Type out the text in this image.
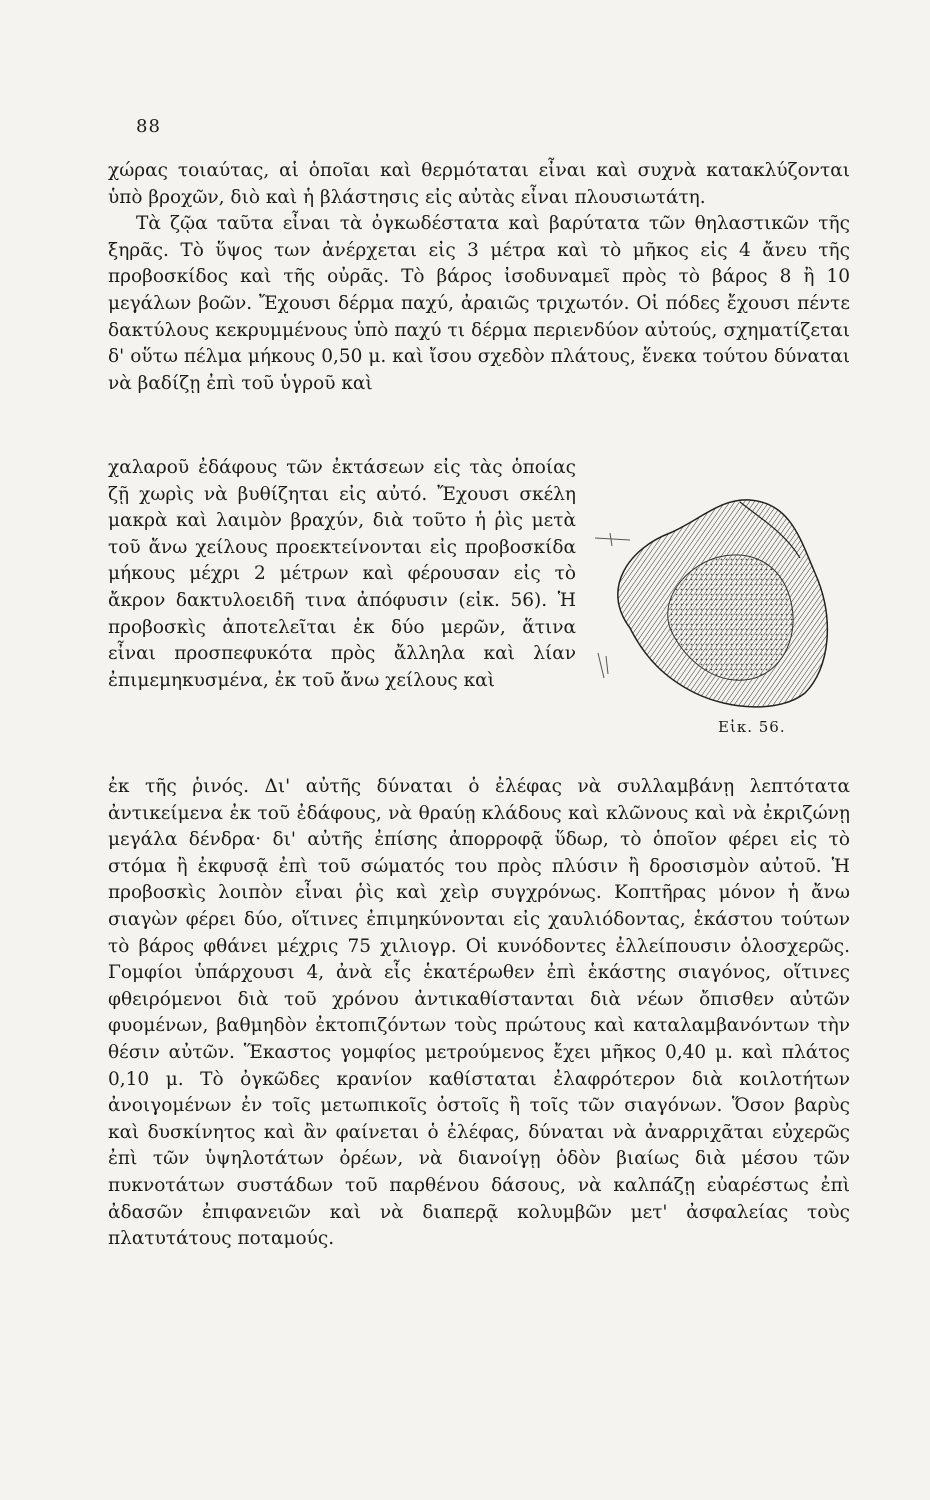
88

χώρας τοιαύτας, αἱ ὁποῖαι καὶ θερμόταται εἶναι καὶ συχνὰ κατακλύζονται ὑπὸ βροχῶν, διὸ καὶ ἡ βλάστησις εἰς αὐτὰς εἶναι πλουσιωτάτη.

Τὰ ζῷα ταῦτα εἶναι τὰ ὀγκωδέστατα καὶ βαρύτατα τῶν θηλαστικῶν τῆς ξηρᾶς. Τὸ ὕψος των ἀνέρχεται εἰς 3 μέτρα καὶ τὸ μῆκος εἰς 4 ἄνευ τῆς προβοσκίδος καὶ τῆς οὐρᾶς. Τὸ βάρος ἰσοδυναμεῖ πρὸς τὸ βάρος 8 ἢ 10 μεγάλων βοῶν. Ἔχουσι δέρμα παχύ, ἀραιῶς τριχωτόν. Οἱ πόδες ἔχουσι πέντε δακτύλους κεκρυμμένους ὑπὸ παχύ τι δέρμα περιενδύον αὐτούς, σχηματίζεται δ' οὕτω πέλμα μήκους 0,50 μ. καὶ ἴσου σχεδὸν πλάτους, ἕνεκα τούτου δύναται νὰ βαδίζῃ ἐπὶ τοῦ ὑγροῦ καὶ

χαλαροῦ ἐδάφους τῶν ἐκτάσεων εἰς τὰς ὁποίας ζῇ χωρὶς νὰ βυθίζηται εἰς αὐτό. Ἔχουσι σκέλη μακρὰ καὶ λαιμὸν βραχύν, διὰ τοῦτο ἡ ῥὶς μετὰ τοῦ ἄνω χείλους προεκτείνονται εἰς προβοσκίδα μήκους μέχρι 2 μέτρων καὶ φέρουσαν εἰς τὸ ἄκρον δακτυλοειδῆ τινα ἀπόφυσιν (εἰκ. 56). Ἡ προβοσκὶς ἀποτελεῖται ἐκ δύο μερῶν, ἅτινα εἶναι προσπεφυκότα πρὸς ἄλληλα καὶ λίαν ἐπιμεμηκυσμένα, ἐκ τοῦ ἄνω χείλους καὶ

Εἰκ. 56.

ἐκ τῆς ῥινός. Δι' αὐτῆς δύναται ὁ ἐλέφας νὰ συλλαμβάνῃ λεπτότατα ἀντικείμενα ἐκ τοῦ ἐδάφους, νὰ θραύῃ κλάδους καὶ κλῶνους καὶ νὰ ἐκριζώνῃ μεγάλα δένδρα· δι' αὐτῆς ἐπίσης ἀπορροφᾷ ὕδωρ, τὸ ὁποῖον φέρει εἰς τὸ στόμα ἢ ἐκφυσᾷ ἐπὶ τοῦ σώματός του πρὸς πλύσιν ἢ δροσισμὸν αὐτοῦ. Ἡ προβοσκὶς λοιπὸν εἶναι ῥὶς καὶ χεὶρ συγχρόνως. Κοπτῆρας μόνον ἡ ἄνω σιαγὼν φέρει δύο, οἵτινες ἐπιμηκύνονται εἰς χαυλιόδοντας, ἑκάστου τούτων τὸ βάρος φθάνει μέχρις 75 χιλιογρ. Οἱ κυνόδοντες ἐλλείπουσιν ὁλοσχερῶς. Γομφίοι ὑπάρχουσι 4, ἀνὰ εἷς ἑκατέρωθεν ἐπὶ ἑκάστης σιαγόνος, οἵτινες φθειρόμενοι διὰ τοῦ χρόνου ἀντικαθίστανται διὰ νέων ὄπισθεν αὐτῶν φυομένων, βαθμηδὸν ἐκτοπιζόντων τοὺς πρώτους καὶ καταλαμβανόντων τὴν θέσιν αὐτῶν. Ἕκαστος γομφίος μετρούμενος ἔχει μῆκος 0,40 μ. καὶ πλάτος 0,10 μ. Τὸ ὀγκῶδες κρανίον καθίσταται ἐλαφρότερον διὰ κοιλοτήτων ἀνοιγομένων ἐν τοῖς μετωπικοῖς ὀστοῖς ἢ τοῖς τῶν σιαγόνων. Ὅσον βαρὺς καὶ δυσκίνητος καὶ ἂν φαίνεται ὁ ἐλέφας, δύναται νὰ ἀναρριχᾶται εὐχερῶς ἐπὶ τῶν ὑψηλοτάτων ὀρέων, νὰ διανοίγῃ ὁδὸν βιαίως διὰ μέσου τῶν πυκνοτάτων συστάδων τοῦ παρθένου δάσους, νὰ καλπάζῃ εὐαρέστως ἐπὶ ἀδασῶν ἐπιφανειῶν καὶ νὰ διαπερᾷ κολυμβῶν μετ' ἀσφαλείας τοὺς πλατυτάτους ποταμούς.
